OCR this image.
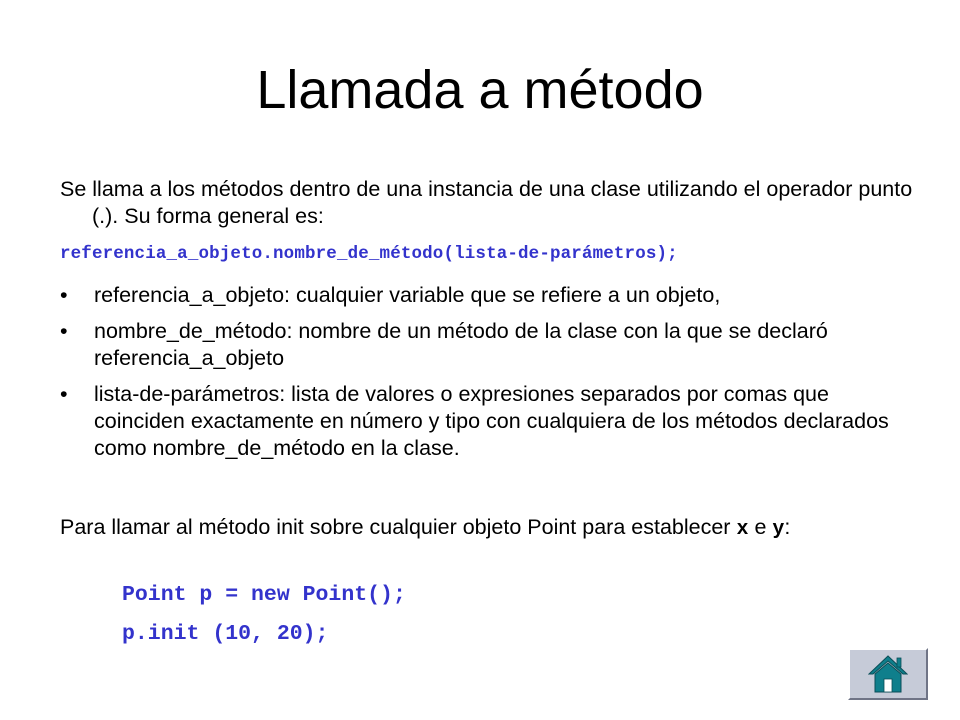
Llamada a método
Se llama a los métodos dentro de una instancia de una clase utilizando el operador punto (.). Su forma general es:
referencia_a_objeto.nombre_de_método(lista-de-parámetros);
• referencia_a_objeto: cualquier variable que se refiere a un objeto,
• nombre_de_método: nombre de un método de la clase con la que se declaró referencia_a_objeto
• lista-de-parámetros: lista de valores o expresiones separados por comas que coinciden exactamente en número y tipo con cualquiera de los métodos declarados como nombre_de_método en la clase.
Para llamar al método init sobre cualquier objeto Point para establecer x e y:
Point p = new Point();
p.init (10, 20);
